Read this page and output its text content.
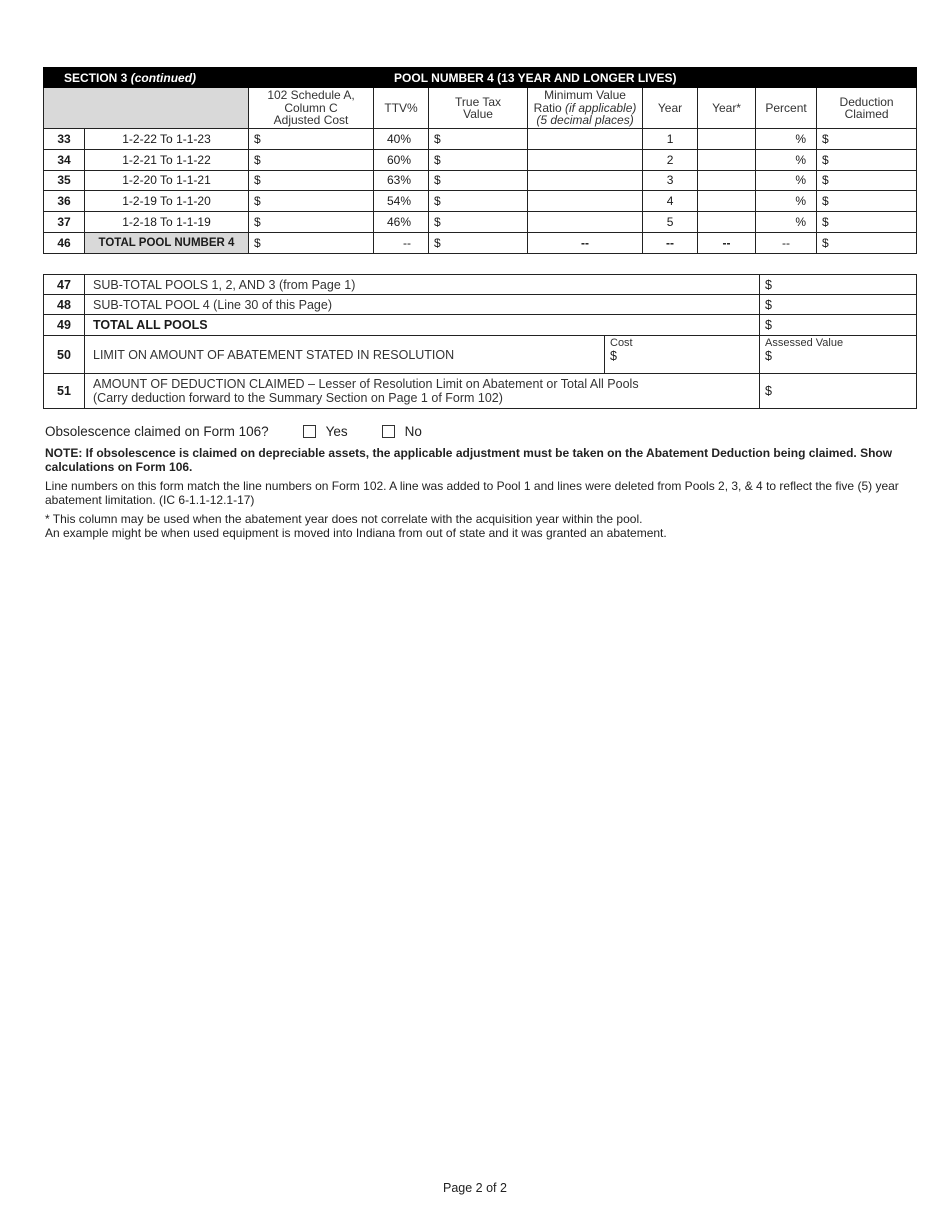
SECTION 3 (continued)			POOL NUMBER 4 (13 YEAR AND LONGER LIVES)						
		102 Schedule A,
Column C
Adjusted Cost	TTV%	True Tax
Value	Minimum Value
Ratio (if applicable)
(5 decimal places)	Year	Year*	Percent	Deduction
Claimed
33	1-2-22 To 1-1-23	$	40%	$		1		%	$
34	1-2-21 To 1-1-22	$	60%	$		2		%	$
35	1-2-20 To 1-1-21	$	63%	$		3		%	$
36	1-2-19 To 1-1-20	$	54%	$		4		%	$
37	1-2-18 To 1-1-19	$	46%	$		5		%	$
46	TOTAL POOL NUMBER 4	$	--	$	--	--	--	--	$
47	SUB-TOTAL POOLS 1, 2, AND 3 (from Page 1)		$
48	SUB-TOTAL POOL 4 (Line 30 of this Page)		$
49	TOTAL ALL POOLS		$
50	LIMIT ON AMOUNT OF ABATEMENT STATED IN RESOLUTION	Cost
$	Assessed Value
$
51	AMOUNT OF DEDUCTION CLAIMED – Lesser of Resolution Limit on Abatement or Total All Pools
(Carry deduction forward to the Summary Section on Page 1 of Form 102)		$
Obsolescence claimed on Form 106?	Yes	No

NOTE: If obsolescence is claimed on depreciable assets, the applicable adjustment must be taken on the Abatement Deduction being claimed. Show calculations on Form 106.

Line numbers on this form match the line numbers on Form 102. A line was added to Pool 1 and lines were deleted from Pools 2, 3, & 4 to reflect the five (5) year abatement limitation. (IC 6-1.1-12.1-17)

* This column may be used when the abatement year does not correlate with the acquisition year within the pool.

An example might be when used equipment is moved into Indiana from out of state and it was granted an abatement.

Page 2 of 2
